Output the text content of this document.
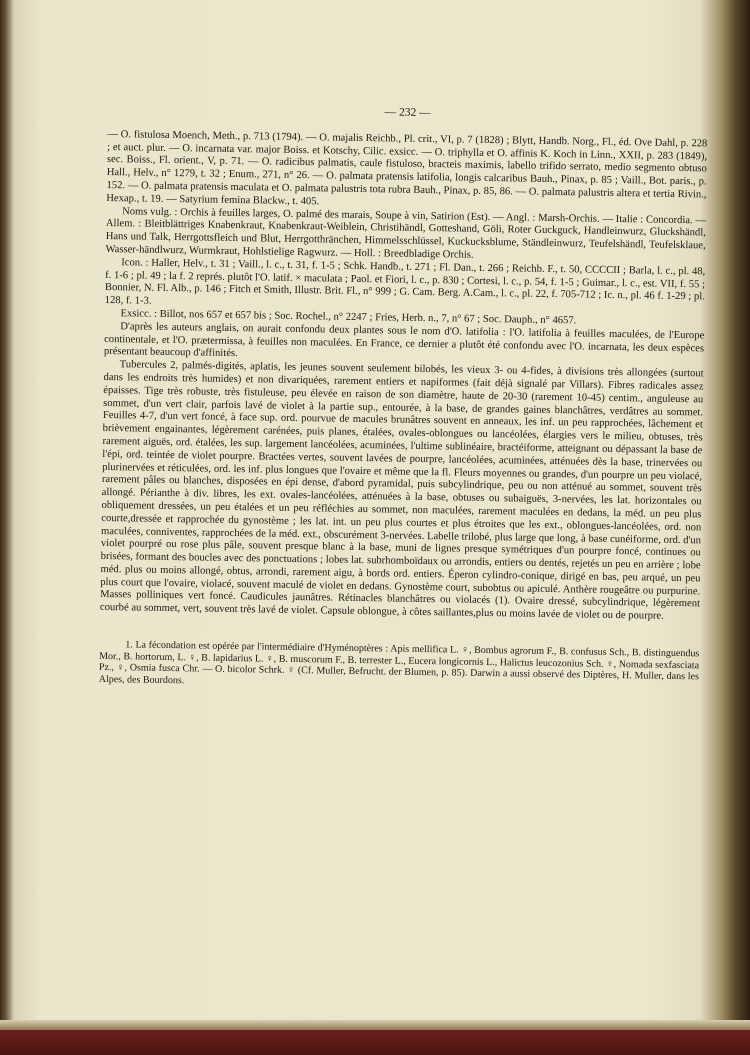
— 232 —

— O. fistulosa Moench, Meth., p. 713 (1794). — O. majalis Reichb., Pl. crit., VI, p. 7 (1828) ; Blytt, Handb. Norg., Fl., éd. Ove Dahl, p. 228 ; et auct. plur. — O. incarnata var. major Boiss. et Kotschy, Cilic. exsicc. — O. triphylla et O. affinis K. Koch in Linn., XXII, p. 283 (1849), sec. Boiss., Fl. orient., V, p. 71. — O. radicibus palmatis, caule fistuloso, bracteis maximis, labello trifido serrato, medio segmento obtuso Hall., Helv., n° 1279, t. 32 ; Enum., 271, n° 26. — O. palmata pratensis latifolia, longis calcaribus Bauh., Pinax, p. 85 ; Vaill., Bot. paris., p. 152. — O. palmata pratensis maculata et O. palmata palustris tota rubra Bauh., Pinax, p. 85, 86. — O. palmata palustris altera et tertia Rivin., Hexap., t. 19. — Satyrium femina Blackw., t. 405.

Noms vulg. : Orchis à feuilles larges, O. palmé des marais, Soupe à vin, Satirion (Est). — Angl. : Marsh-Orchis. — Italie : Concordia. — Allem. : Bleitblättriges Knabenkraut, Knabenkraut-Weiblein, Christihändl, Gotteshand, Göli, Roter Guckguck, Handleinwurz, Gluckshändl, Hans und Talk, Herrgottsfleich und Blut, Herrgotthränchen, Himmelsschlüssel, Kuckucksblume, Ständleinwurz, Teufelshändl, Teufelsklaue, Wasser-händlwurz, Wurmkraut, Hohlstielige Ragwurz. — Holl. : Breedbladige Orchis.

Icon. : Haller, Helv., t. 31 ; Vaill., l. c., t. 31, f. 1-5 ; Schk. Handb., t. 271 ; Fl. Dan., t. 266 ; Reichb. F., t. 50, CCCCII ; Barla, l. c., pl. 48, f. 1-6 ; pl. 49 ; la f. 2 représ. plutôt l'O. latif. × maculata ; Paol. et Fiori, l. c., p. 830 ; Cortesi, l. c., p. 54, f. 1-5 ; Guimar., l. c., est. VII, f. 55 ; Bonnier, N. Fl. Alb., p. 146 ; Fitch et Smith, Illustr. Brit. Fl., n° 999 ; G. Cam. Berg. A.Cam., l. c., pl. 22, f. 705-712 ; Ic. n., pl. 46 f. 1-29 ; pl. 128, f. 1-3.

Exsicc. : Billot, nos 657 et 657 bis ; Soc. Rochel., n° 2247 ; Fries, Herb. n., 7, n° 67 ; Soc. Dauph., n° 4657.

D'après les auteurs anglais, on aurait confondu deux plantes sous le nom d'O. latifolia : l'O. latifolia à feuilles maculées, de l'Europe continentale, et l'O. prætermissa, à feuilles non maculées. En France, ce dernier a plutôt été confondu avec l'O. incarnata, les deux espèces présentant beaucoup d'affinités.

Tubercules 2, palmés-digités, aplatis, les jeunes souvent seulement bilobés, les vieux 3- ou 4-fides, à divisions très allongées (surtout dans les endroits très humides) et non divariquées, rarement entiers et napiformes (fait déjà signalé par Villars). Fibres radicales assez épaisses. Tige très robuste, très fistuleuse, peu élevée en raison de son diamètre, haute de 20-30 (rarement 10-45) centim., anguleuse au sommet, d'un vert clair, parfois lavé de violet à la partie sup., entourée, à la base, de grandes gaines blanchâtres, verdâtres au sommet. Feuilles 4-7, d'un vert foncé, à face sup. ord. pourvue de macules brunâtres souvent en anneaux, les inf. un peu rapprochées, lâchement et brièvement engainantes, légèrement carénées, puis planes, étalées, ovales-oblongues ou lancéolées, élargies vers le milieu, obtuses, très rarement aiguës, ord. étalées, les sup. largement lancéolées, acuminées, l'ultime sublinéaire, bractéiforme, atteignant ou dépassant la base de l'épi, ord. teintée de violet pourpre. Bractées vertes, souvent lavées de pourpre, lancéolées, acuminées, atténuées dès la base, trinervées ou plurinervées et réticulées, ord. les inf. plus longues que l'ovaire et même que la fl. Fleurs moyennes ou grandes, d'un pourpre un peu violacé, rarement pâles ou blanches, disposées en épi dense, d'abord pyramidal, puis subcylindrique, peu ou non atténué au sommet, souvent très allongé. Périanthe à div. libres, les ext. ovales-lancéolées, atténuées à la base, obtuses ou subaiguës, 3-nervées, les lat. horizontales ou obliquement dressées, un peu étalées et un peu réfléchies au sommet, non maculées, rarement maculées en dedans, la méd. un peu plus courte,dressée et rapprochée du gynostème ; les lat. int. un peu plus courtes et plus étroites que les ext., oblongues-lancéolées, ord. non maculées, conniventes, rapprochées de la méd. ext., obscurément 3-nervées. Labelle trilobé, plus large que long, à base cunéiforme, ord. d'un violet pourpré ou rose plus pâle, souvent presque blanc à la base, muni de lignes presque symétriques d'un pourpre foncé, continues ou brisées, formant des boucles avec des ponctuations ; lobes lat. subrhomboïdaux ou arrondis, entiers ou dentés, rejetés un peu en arrière ; lobe méd. plus ou moins allongé, obtus, arrondi, rarement aigu, à bords ord. entiers. Éperon cylindro-conique, dirigé en bas, peu arqué, un peu plus court que l'ovaire, violacé, souvent maculé de violet en dedans. Gynostème court, subobtus ou apiculé. Anthère rougeâtre ou purpurine. Masses polliniques vert foncé. Caudicules jaunâtres. Rétinacles blanchâtres ou violacés (1). Ovaire dressé, subcylindrique, légèrement courbé au sommet, vert, souvent très lavé de violet. Capsule oblongue, à côtes saillantes,plus ou moins lavée de violet ou de pourpre.

1. La fécondation est opérée par l'intermédiaire d'Hyménoptères : Apis mellifica L. ♀, Bombus agrorum F., B. confusus Sch., B. distinguendus Mor., B. hortorum, L. ♀, B. lapidarius L. ♀, B. muscorum F., B. terrester L., Eucera longicornis L., Halictus leucozonius Sch. ♀, Nomada sexfasciata Pz., ♀, Osmia fusca Chr. — O. bicolor Schrk. ♀ (Cf. Muller, Befrucht. der Blumen, p. 85). Darwin a aussi observé des Diptères, H. Muller, dans les Alpes, des Bourdons.
